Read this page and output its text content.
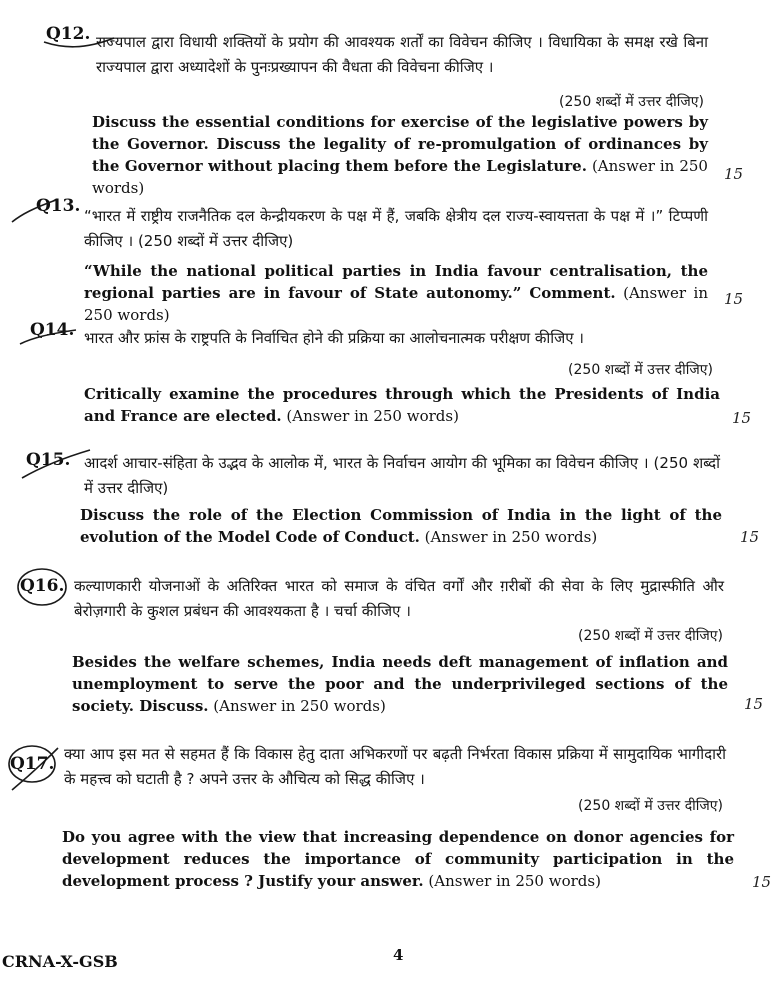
Q12. राज्यपाल द्वारा विधायी शक्तियों के प्रयोग की आवश्यक शर्तों का विवेचन कीजिए । विधायिका के समक्ष रखे बिना राज्यपाल द्वारा अध्यादेशों के पुनःप्रख्यापन की वैधता की विवेचना कीजिए ।
(250 शब्दों में उत्तर दीजिए)
Discuss the essential conditions for exercise of the legislative powers by the Governor. Discuss the legality of re-promulgation of ordinances by the Governor without placing them before the Legislature. (Answer in 250 words)
15
Q13. “भारत में राष्ट्रीय राजनैतिक दल केन्द्रीयकरण के पक्ष में हैं, जबकि क्षेत्रीय दल राज्य-स्वायत्तता के पक्ष में ।” टिप्पणी कीजिए । (250 शब्दों में उत्तर दीजिए)
“While the national political parties in India favour centralisation, the regional parties are in favour of State autonomy.” Comment. (Answer in 250 words)
15
Q14. भारत और फ्रांस के राष्ट्रपति के निर्वाचित होने की प्रक्रिया का आलोचनात्मक परीक्षण कीजिए ।
(250 शब्दों में उत्तर दीजिए)
Critically examine the procedures through which the Presidents of India and France are elected. (Answer in 250 words)	15
Q15. आदर्श आचार-संहिता के उद्भव के आलोक में, भारत के निर्वाचन आयोग की भूमिका का विवेचन कीजिए । (250 शब्दों में उत्तर दीजिए)
Discuss the role of the Election Commission of India in the light of the evolution of the Model Code of Conduct. (Answer in 250 words)	15
Q16. कल्याणकारी योजनाओं के अतिरिक्त भारत को समाज के वंचित वर्गों और ग़रीबों की सेवा के लिए मुद्रास्फीति और बेरोज़गारी के कुशल प्रबंधन की आवश्यकता है । चर्चा कीजिए ।
(250 शब्दों में उत्तर दीजिए)
Besides the welfare schemes, India needs deft management of inflation and unemployment to serve the poor and the underprivileged sections of the society. Discuss. (Answer in 250 words)	15
Q17. क्या आप इस मत से सहमत हैं कि विकास हेतु दाता अभिकरणों पर बढ़ती निर्भरता विकास प्रक्रिया में सामुदायिक भागीदारी के महत्त्व को घटाती है ? अपने उत्तर के औचित्य को सिद्ध कीजिए ।
(250 शब्दों में उत्तर दीजिए)
Do you agree with the view that increasing dependence on donor agencies for development reduces the importance of community participation in the development process ? Justify your answer. (Answer in 250 words)	15
CRNA-X-GSB	4
